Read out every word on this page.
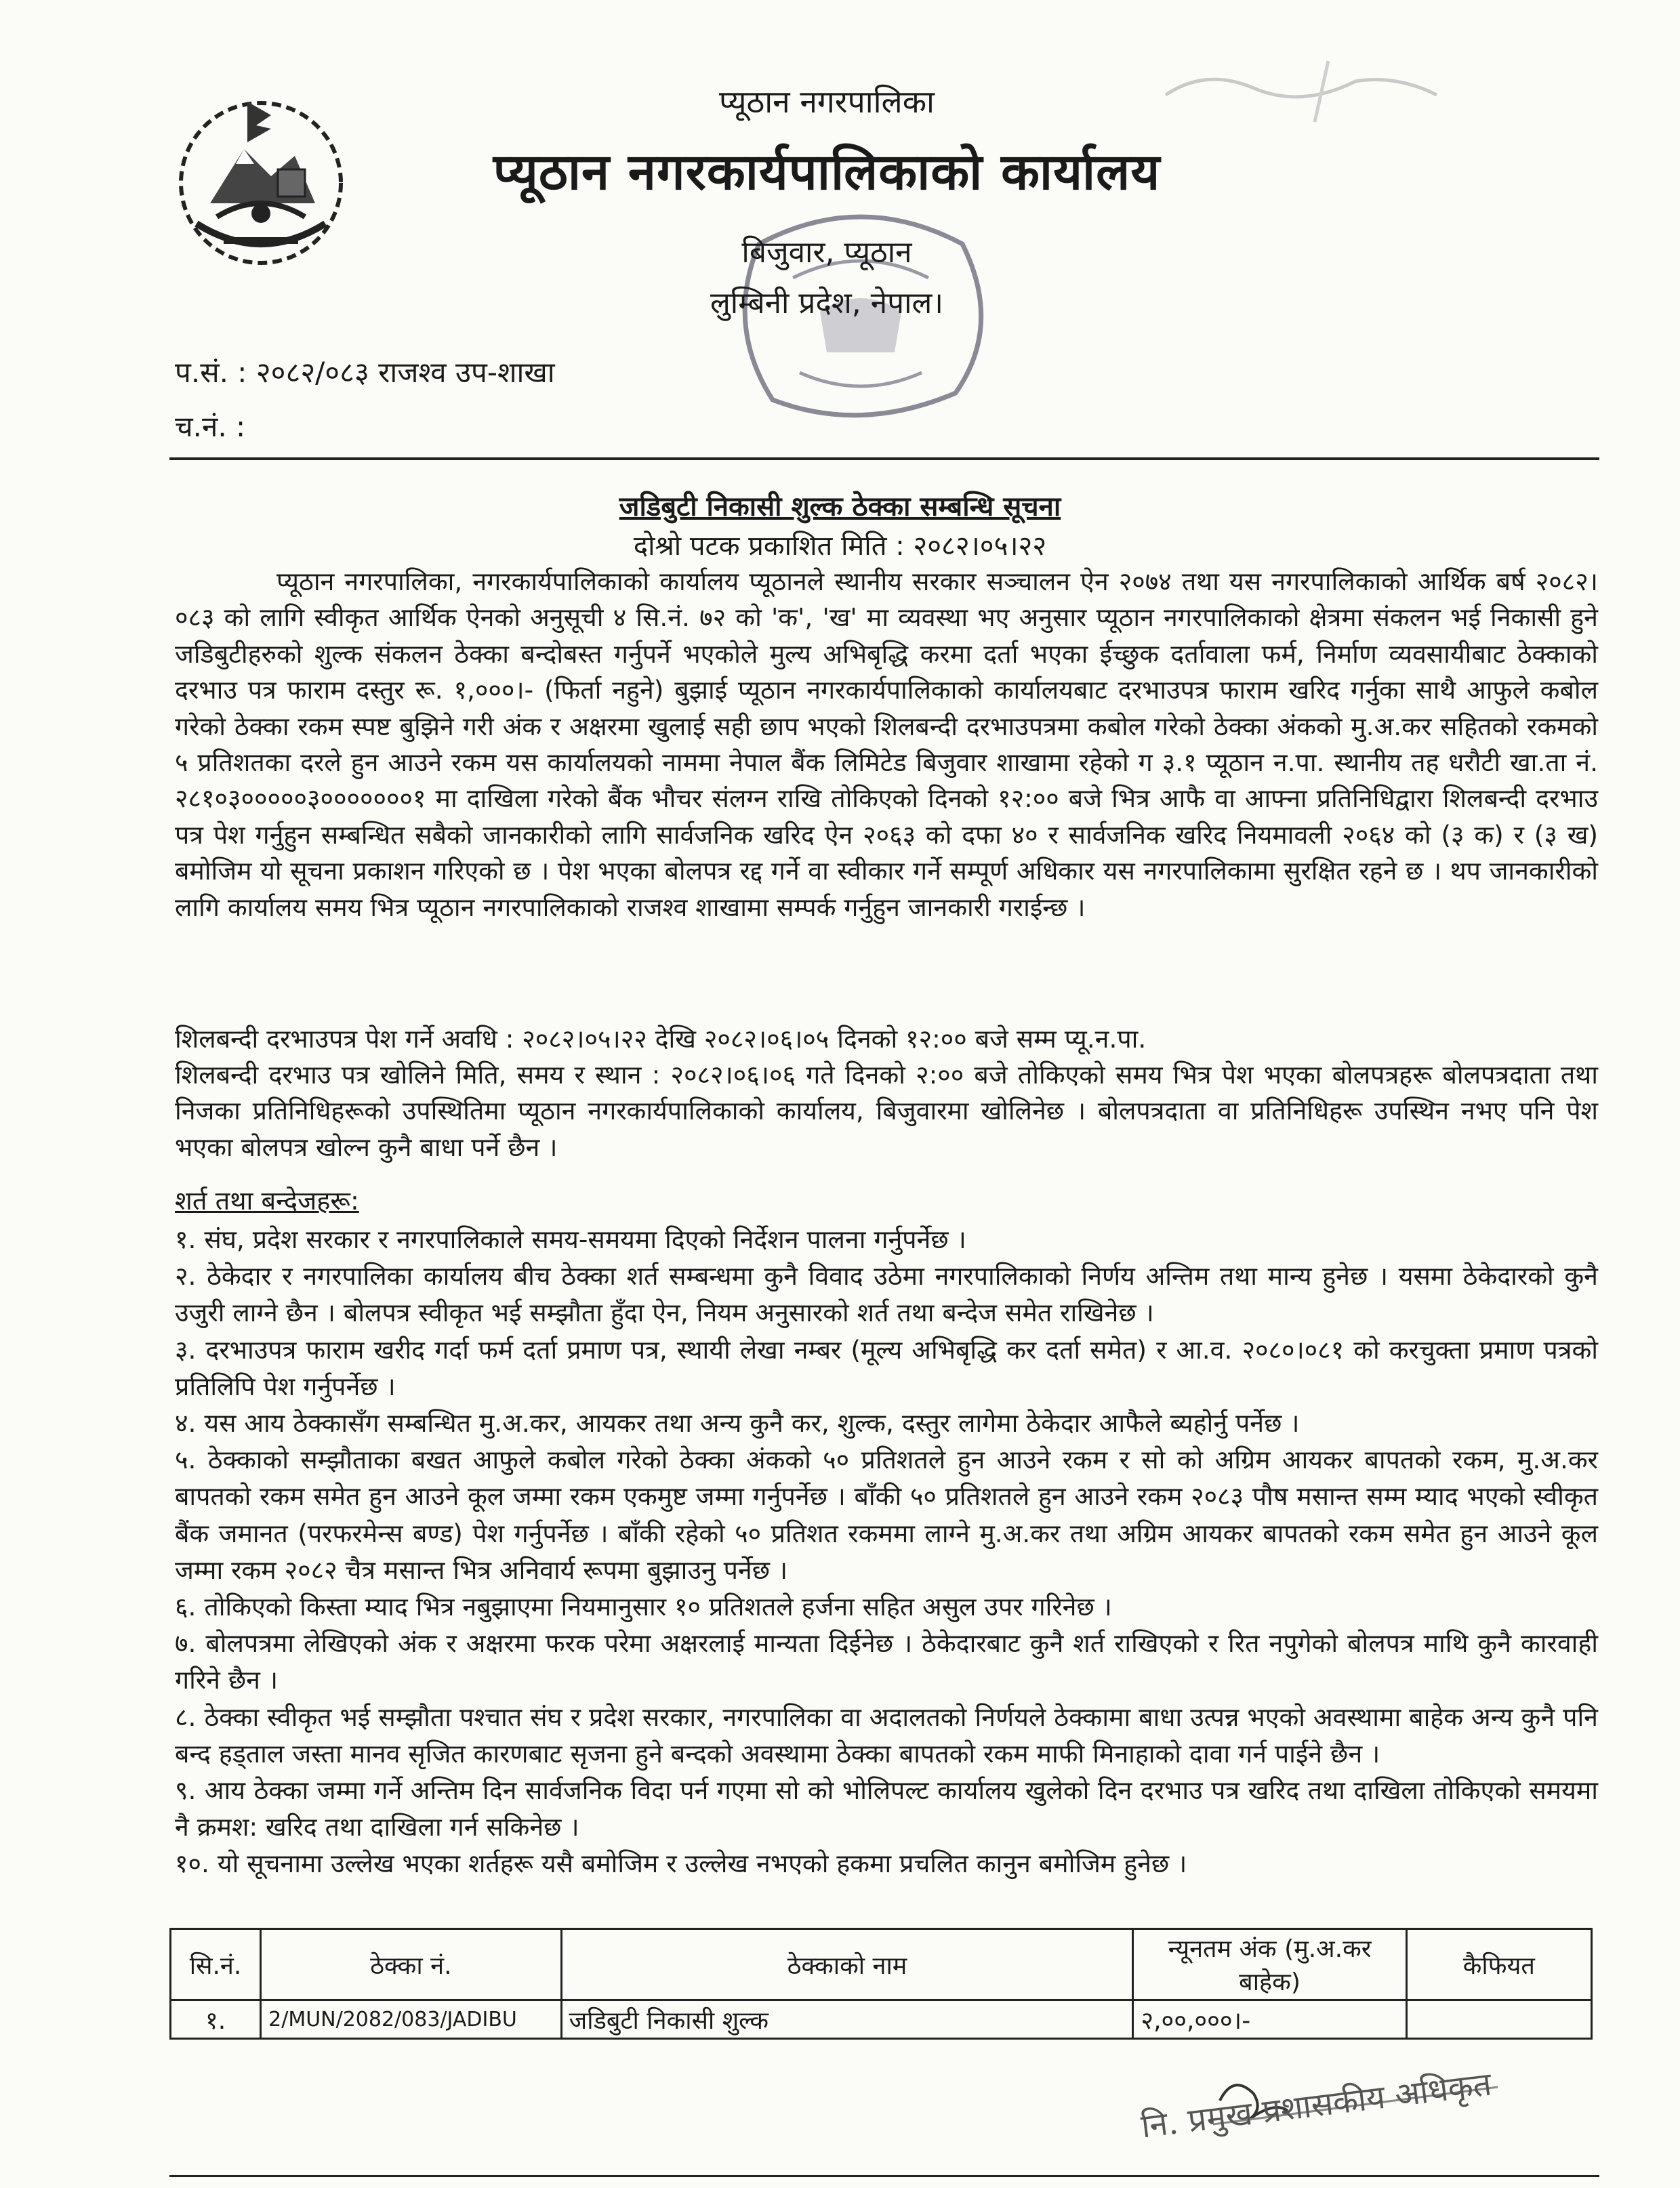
प्यूठान नगरपालिका
प्यूठान नगरकार्यपालिकाको कार्यालय
बिजुवार, प्यूठान
लुम्बिनी प्रदेश, नेपाल।
प.सं. : २०८२/०८३ राजश्व उप-शाखा
च.नं. :
जडिबुटी निकासी शुल्क ठेक्का सम्बन्धि सूचना
दोश्रो पटक प्रकाशित मिति : २०८२।०५।२२
प्यूठान नगरपालिका, नगरकार्यपालिकाको कार्यालय प्यूठानले स्थानीय सरकार सञ्चालन ऐन २०७४ तथा यस नगरपालिकाको आर्थिक बर्ष २०८२।०८३ को लागि स्वीकृत आर्थिक ऐनको अनुसूची ४ सि.नं. ७२ को 'क', 'ख' मा व्यवस्था भए अनुसार प्यूठान नगरपालिकाको क्षेत्रमा संकलन भई निकासी हुने जडिबुटीहरुको शुल्क संकलन ठेक्का बन्दोबस्त गर्नुपर्ने भएकोले मुल्य अभिबृद्धि करमा दर्ता भएका ईच्छुक दर्तावाला फर्म, निर्माण व्यवसायीबाट ठेक्काको दरभाउ पत्र फाराम दस्तुर रू. १,०००।- (फिर्ता नहुने) बुझाई प्यूठान नगरकार्यपालिकाको कार्यालयबाट दरभाउपत्र फाराम खरिद गर्नुका साथै आफुले कबोल गरेको ठेक्का रकम स्पष्ट बुझिने गरी अंक र अक्षरमा खुलाई सही छाप भएको शिलबन्दी दरभाउपत्रमा कबोल गरेको ठेक्का अंकको मु.अ.कर सहितको रकमको ५ प्रतिशतका दरले हुन आउने रकम यस कार्यालयको नाममा नेपाल बैंक लिमिटेड बिजुवार शाखामा रहेको ग ३.१ प्यूठान न.पा. स्थानीय तह धरौटी खा.ता नं. २८१०३०००००३०००००००१ मा दाखिला गरेको बैंक भौचर संलग्न राखि तोकिएको दिनको १२:०० बजे भित्र आफै वा आफ्ना प्रतिनिधिद्वारा शिलबन्दी दरभाउ पत्र पेश गर्नुहुन सम्बन्धित सबैको जानकारीको लागि सार्वजनिक खरिद ऐन २०६३ को दफा ४० र सार्वजनिक खरिद नियमावली २०६४ को (३ क) र (३ ख) बमोजिम यो सूचना प्रकाशन गरिएको छ । पेश भएका बोलपत्र रद्द गर्ने वा स्वीकार गर्ने सम्पूर्ण अधिकार यस नगरपालिकामा सुरक्षित रहने छ । थप जानकारीको लागि कार्यालय समय भित्र प्यूठान नगरपालिकाको राजश्व शाखामा सम्पर्क गर्नुहुन जानकारी गराईन्छ ।
शिलबन्दी दरभाउपत्र पेश गर्ने अवधि : २०८२।०५।२२ देखि २०८२।०६।०५ दिनको १२:०० बजे सम्म प्यू.न.पा.
शिलबन्दी दरभाउ पत्र खोलिने मिति, समय र स्थान : २०८२।०६।०६ गते दिनको २:०० बजे तोकिएको समय भित्र पेश भएका बोलपत्रहरू बोलपत्रदाता तथा निजका प्रतिनिधिहरूको उपस्थितिमा प्यूठान नगरकार्यपालिकाको कार्यालय, बिजुवारमा खोलिनेछ । बोलपत्रदाता वा प्रतिनिधिहरू उपस्थिन नभए पनि पेश भएका बोलपत्र खोल्न कुनै बाधा पर्ने छैन ।
शर्त तथा बन्देजहरू:

१. संघ, प्रदेश सरकार र नगरपालिकाले समय-समयमा दिएको निर्देशन पालना गर्नुपर्नेछ ।

२. ठेकेदार र नगरपालिका कार्यालय बीच ठेक्का शर्त सम्बन्धमा कुनै विवाद उठेमा नगरपालिकाको निर्णय अन्तिम तथा मान्य हुनेछ । यसमा ठेकेदारको कुनै उजुरी लाग्ने छैन । बोलपत्र स्वीकृत भई सम्झौता हुँदा ऐन, नियम अनुसारको शर्त तथा बन्देज समेत राखिनेछ ।

३. दरभाउपत्र फाराम खरीद गर्दा फर्म दर्ता प्रमाण पत्र, स्थायी लेखा नम्बर (मूल्य अभिबृद्धि कर दर्ता समेत) र आ.व. २०८०।०८१ को करचुक्ता प्रमाण पत्रको प्रतिलिपि पेश गर्नुपर्नेछ ।

४. यस आय ठेक्कासँग सम्बन्धित मु.अ.कर, आयकर तथा अन्य कुनै कर, शुल्क, दस्तुर लागेमा ठेकेदार आफैले ब्यहोर्नु पर्नेछ ।

५. ठेक्काको सम्झौताका बखत आफुले कबोल गरेको ठेक्का अंकको ५० प्रतिशतले हुन आउने रकम र सो को अग्रिम आयकर बापतको रकम, मु.अ.कर बापतको रकम समेत हुन आउने कूल जम्मा रकम एकमुष्ट जम्मा गर्नुपर्नेछ । बाँकी ५० प्रतिशतले हुन आउने रकम २०८३ पौष मसान्त सम्म म्याद भएको स्वीकृत बैंक जमानत (परफरमेन्स बण्ड) पेश गर्नुपर्नेछ । बाँकी रहेको ५० प्रतिशत रकममा लाग्ने मु.अ.कर तथा अग्रिम आयकर बापतको रकम समेत हुन आउने कूल जम्मा रकम २०८२ चैत्र मसान्त भित्र अनिवार्य रूपमा बुझाउनु पर्नेछ ।

६. तोकिएको किस्ता म्याद भित्र नबुझाएमा नियमानुसार १० प्रतिशतले हर्जना सहित असुल उपर गरिनेछ ।

७. बोलपत्रमा लेखिएको अंक र अक्षरमा फरक परेमा अक्षरलाई मान्यता दिईनेछ । ठेकेदारबाट कुनै शर्त राखिएको र रित नपुगेको बोलपत्र माथि कुनै कारवाही गरिने छैन ।

८. ठेक्का स्वीकृत भई सम्झौता पश्चात संघ र प्रदेश सरकार, नगरपालिका वा अदालतको निर्णयले ठेक्कामा बाधा उत्पन्न भएको अवस्थामा बाहेक अन्य कुनै पनि बन्द हड्ताल जस्ता मानव सृजित कारणबाट सृजना हुने बन्दको अवस्थामा ठेक्का बापतको रकम माफी मिनाहाको दावा गर्न पाईने छैन ।

९. आय ठेक्का जम्मा गर्ने अन्तिम दिन सार्वजनिक विदा पर्न गएमा सो को भोलिपल्ट कार्यालय खुलेको दिन दरभाउ पत्र खरिद तथा दाखिला तोकिएको समयमा नै क्रमश: खरिद तथा दाखिला गर्न सकिनेछ ।

१०. यो सूचनामा उल्लेख भएका शर्तहरू यसै बमोजिम र उल्लेख नभएको हकमा प्रचलित कानुन बमोजिम हुनेछ ।

सि.नं.	ठेक्का नं.	ठेक्काको नाम	न्यूनतम अंक (मु.अ.कर बाहेक)	कैफियत
१.	2/MUN/2082/083/JADIBU	जडिबुटी निकासी शुल्क	२,००,०००।-	
नि. प्रमुख प्रशासकीय अधिकृत
